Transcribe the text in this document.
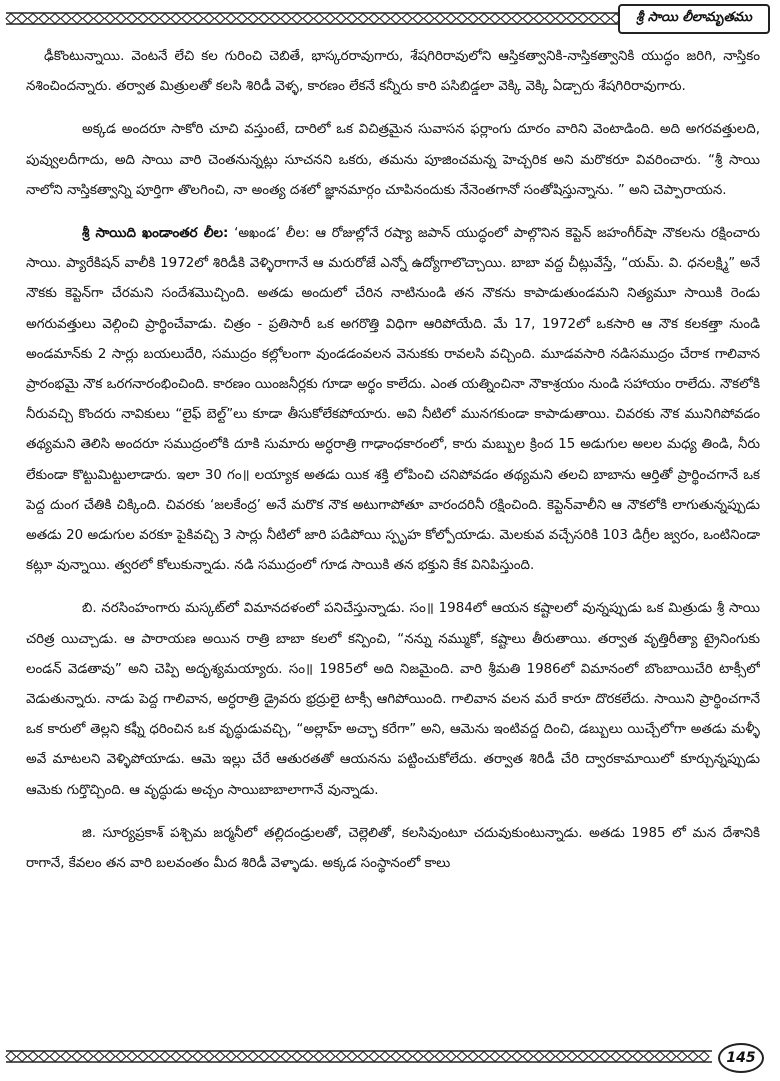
శ్రీ సాయి లీలామృతము

ఢీకొంటున్నాయి. వెంటనే లేచి కల గురించి చెబితే, భాస్కరరావుగారు, శేషగిరిరావులోని ఆస్తికత్వానికి-నాస్తికత్వానికి యుద్ధం జరిగి, నాస్తికం నశించిందన్నారు. తర్వాత మిత్రులతో కలసి శిరిడీ వెళ్ళ, కారణం లేకనే కన్నీరు కారి పసిబిడ్డలా వెక్కి వెక్కి ఏడ్చారు శేషగిరిరావుగారు.

అక్కడ అందరూ సాకోరి చూచి వస్తుంటే, దారిలో ఒక విచిత్రమైన సువాసన ఫర్లాంగు దూరం వారిని వెంటాడింది. అది అగరవత్తులది, పువ్వులదీగాదు, అది సాయి వారి చెంతనున్నట్లు సూచనని ఒకరు, తమను పూజించమన్న హెచ్చరిక అని మరొకరూ వివరించారు. “శ్రీ సాయి నాలోని నాస్తికత్వాన్ని పూర్తిగా తొలగించి, నా అంత్య దశలో జ్ఞానమార్గం చూపినందుకు నేనెంతగానో సంతోషిస్తున్నాను. ” అని చెప్పారాయన.

శ్రీ సాయిది ఖండాంతర లీల: ‘అఖండ’ లీల: ఆ రోజుల్లోనే రష్యా జపాన్ యుద్ధంలో పాల్గొనిన కెప్టెన్ జహంగీర్‌షా నౌకలను రక్షించారు సాయి. ప్యారేకిషన్ వాలీకి 1972లో శిరిడీకి వెళ్ళిరాగానే ఆ మరురోజే ఎన్నో ఉద్యోగాలొచ్చాయి. బాబా వద్ద చీట్లువేస్తే, “యమ్. వి. ధనలక్ష్మి” అనే నౌకకు కెప్టెన్‌గా చేరమని సందేశమొచ్చింది. అతడు అందులో చేరిన నాటినుండి తన నౌకను కాపాడుతుండమని నిత్యమూ సాయికి రెండు అగరువత్తులు వెల్గించి ప్రార్థించేవాడు. చిత్రం - ప్రతిసారీ ఒక అగరొత్తి విధిగా ఆరిపోయేది. మే 17, 1972లో ఒకసారి ఆ నౌక కలకత్తా నుండి అండమాన్‌కు 2 సార్లు బయలుదేరి, సముద్రం కల్లోలంగా వుండడంవలన వెనుకకు రావలసి వచ్చింది. మూడవసారి నడిసముద్రం చేరాక గాలివాన ప్రారంభమై నౌక ఒరగనారంభించింది. కారణం యింజనీర్లకు గూడా అర్థం కాలేదు. ఎంత యత్నించినా నౌకాశ్రయం నుండి సహాయం రాలేదు. నౌకలోకి నీరువచ్చి కొందరు నావికులు “లైఫ్ బెల్ట్”లు కూడా తీసుకోలేకపోయారు. అవి నీటిలో మునగకుండా కాపాడుతాయి. చివరకు నౌక మునిగిపోవడం తథ్యమని తెలిసి అందరూ సముద్రంలోకి దూకి సుమారు అర్ధరాత్రి గాఢాంధకారంలో, కారు మబ్బుల క్రింద 15 అడుగుల అలల మధ్య తిండి, నీరు లేకుండా కొట్టుమిట్టులాడారు. ఇలా 30 గం॥ లయ్యాక అతడు యిక శక్తి లోపించి చనిపోవడం తథ్యమని తలచి బాబాను ఆర్తితో ప్రార్థించగానే ఒక పెద్ద దుంగ చేతికి చిక్కింది. చివరకు ‘జలకేంద్ర’ అనే మరొక నౌక అటుగాపోతూ వారందరినీ రక్షించింది. కెప్టెన్‌వాలీని ఆ నౌకలోకి లాగుతున్నప్పుడు అతడు 20 అడుగుల వరకూ పైకివచ్చి 3 సార్లు నీటిలో జారి పడిపోయి స్పృహ కోల్పోయాడు. మెలకువ వచ్చేసరికి 103 డిగ్రీల జ్వరం, ఒంటినిండా కట్లూ వున్నాయి. త్వరలో కోలుకున్నాడు. నడి సముద్రంలో గూడ సాయికి తన భక్తుని కేక వినిపిస్తుంది.

బి. నరసింహంగారు మస్కట్‌లో విమానదళంలో పనిచేస్తున్నాడు. సం॥ 1984లో ఆయన కష్టాలలో వున్నప్పుడు ఒక మిత్రుడు శ్రీ సాయి చరిత్ర యిచ్చాడు. ఆ పారాయణ అయిన రాత్రి బాబా కలలో కన్పించి, “నన్ను నమ్ముకో, కష్టాలు తీరుతాయి. తర్వాత వృత్తిరీత్యా ట్రైనింగుకు లండన్ వెడతావు” అని చెప్పి అదృశ్యమయ్యారు. సం॥ 1985లో అది నిజమైంది. వారి శ్రీమతి 1986లో విమానంలో బొంబాయిచేరి టాక్సీలో వెడుతున్నారు. నాడు పెద్ద గాలివాన, అర్ధరాత్రి డ్రైవరు భ్రద్రులై టాక్సీ ఆగిపోయింది. గాలివాన వలన మరే కారూ దొరకలేదు. సాయిని ప్రార్థించగానే ఒక కారులో తెల్లని కఫ్నీ ధరించిన ఒక వృద్ధుడువచ్చి, “అల్లాహ్ అచ్ఛా కరేగా” అని, ఆమెను ఇంటివద్ద దించి, డబ్బులు యిచ్చేలోగా అతడు మళ్ళీ అవే మాటలని వెళ్ళిపోయాడు. ఆమె ఇల్లు చేరే ఆతురతతో ఆయనను పట్టించుకోలేదు. తర్వాత శిరిడీ చేరి ద్వారకామాయిలో కూర్చున్నప్పుడు ఆమెకు గుర్తొచ్చింది. ఆ వృద్ధుడు అచ్చం సాయిబాబాలాగానే వున్నాడు.

జి. సూర్యప్రకాశ్ పశ్చిమ జర్మనీలో తల్లిదండ్రులతో, చెల్లెలితో, కలసివుంటూ చదువుకుంటున్నాడు. అతడు 1985 లో మన దేశానికి రాగానే, కేవలం తన వారి బలవంతం మీద శిరిడీ వెళ్ళాడు. అక్కడ సంస్థానంలో కాలు

145
